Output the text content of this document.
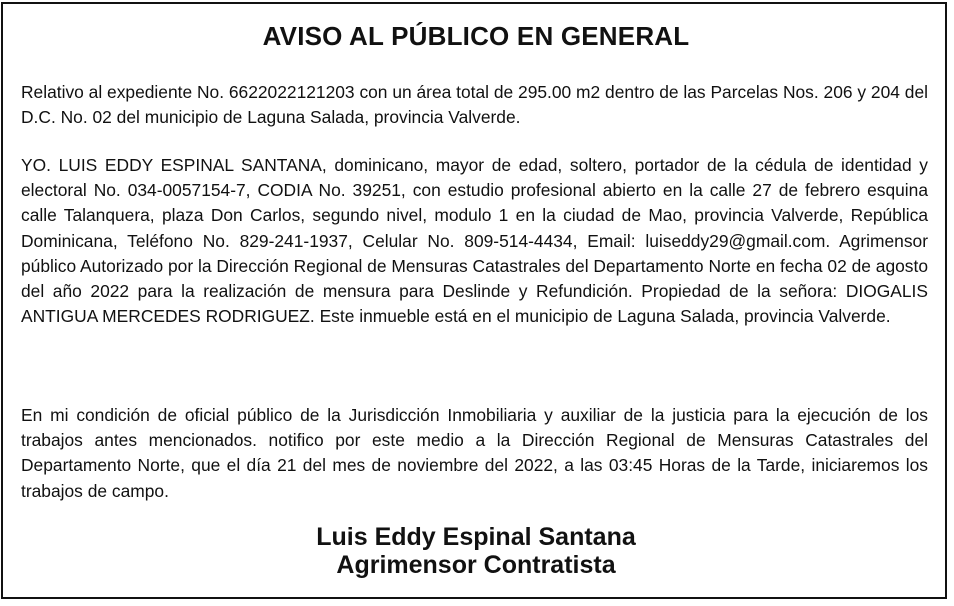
AVISO AL PÚBLICO EN GENERAL

Relativo al expediente No. 6622022121203 con un área total de 295.00 m2 dentro de las Parcelas Nos. 206 y 204 del D.C. No. 02 del municipio de Laguna Salada, provincia Valverde.

YO. LUIS EDDY ESPINAL SANTANA, dominicano, mayor de edad, soltero, portador de la cédula de identidad y electoral No. 034-0057154-7, CODIA No. 39251, con estudio profesional abierto en la calle 27 de febrero esquina calle Talanquera, plaza Don Carlos, segundo nivel, modulo 1 en la ciudad de Mao, provincia Valverde, República Dominicana, Teléfono No. 829-241-1937, Celular No. 809-514-4434, Email: luiseddy29@gmail.com. Agrimensor público Autorizado por la Dirección Regional de Mensuras Catastrales del Departamento Norte en fecha 02 de agosto del año 2022 para la realización de mensura para Deslinde y Refundición. Propiedad de la señora: DIOGALIS ANTIGUA MERCEDES RODRIGUEZ. Este inmueble está en el municipio de Laguna Salada, provincia Valverde.

En mi condición de oficial público de la Jurisdicción Inmobiliaria y auxiliar de la justicia para la ejecución de los trabajos antes mencionados. notifico por este medio a la Dirección Regional de Mensuras Catastrales del Departamento Norte, que el día 21 del mes de noviembre del 2022, a las 03:45 Horas de la Tarde, iniciaremos los trabajos de campo.

Luis Eddy Espinal Santana
Agrimensor Contratista
